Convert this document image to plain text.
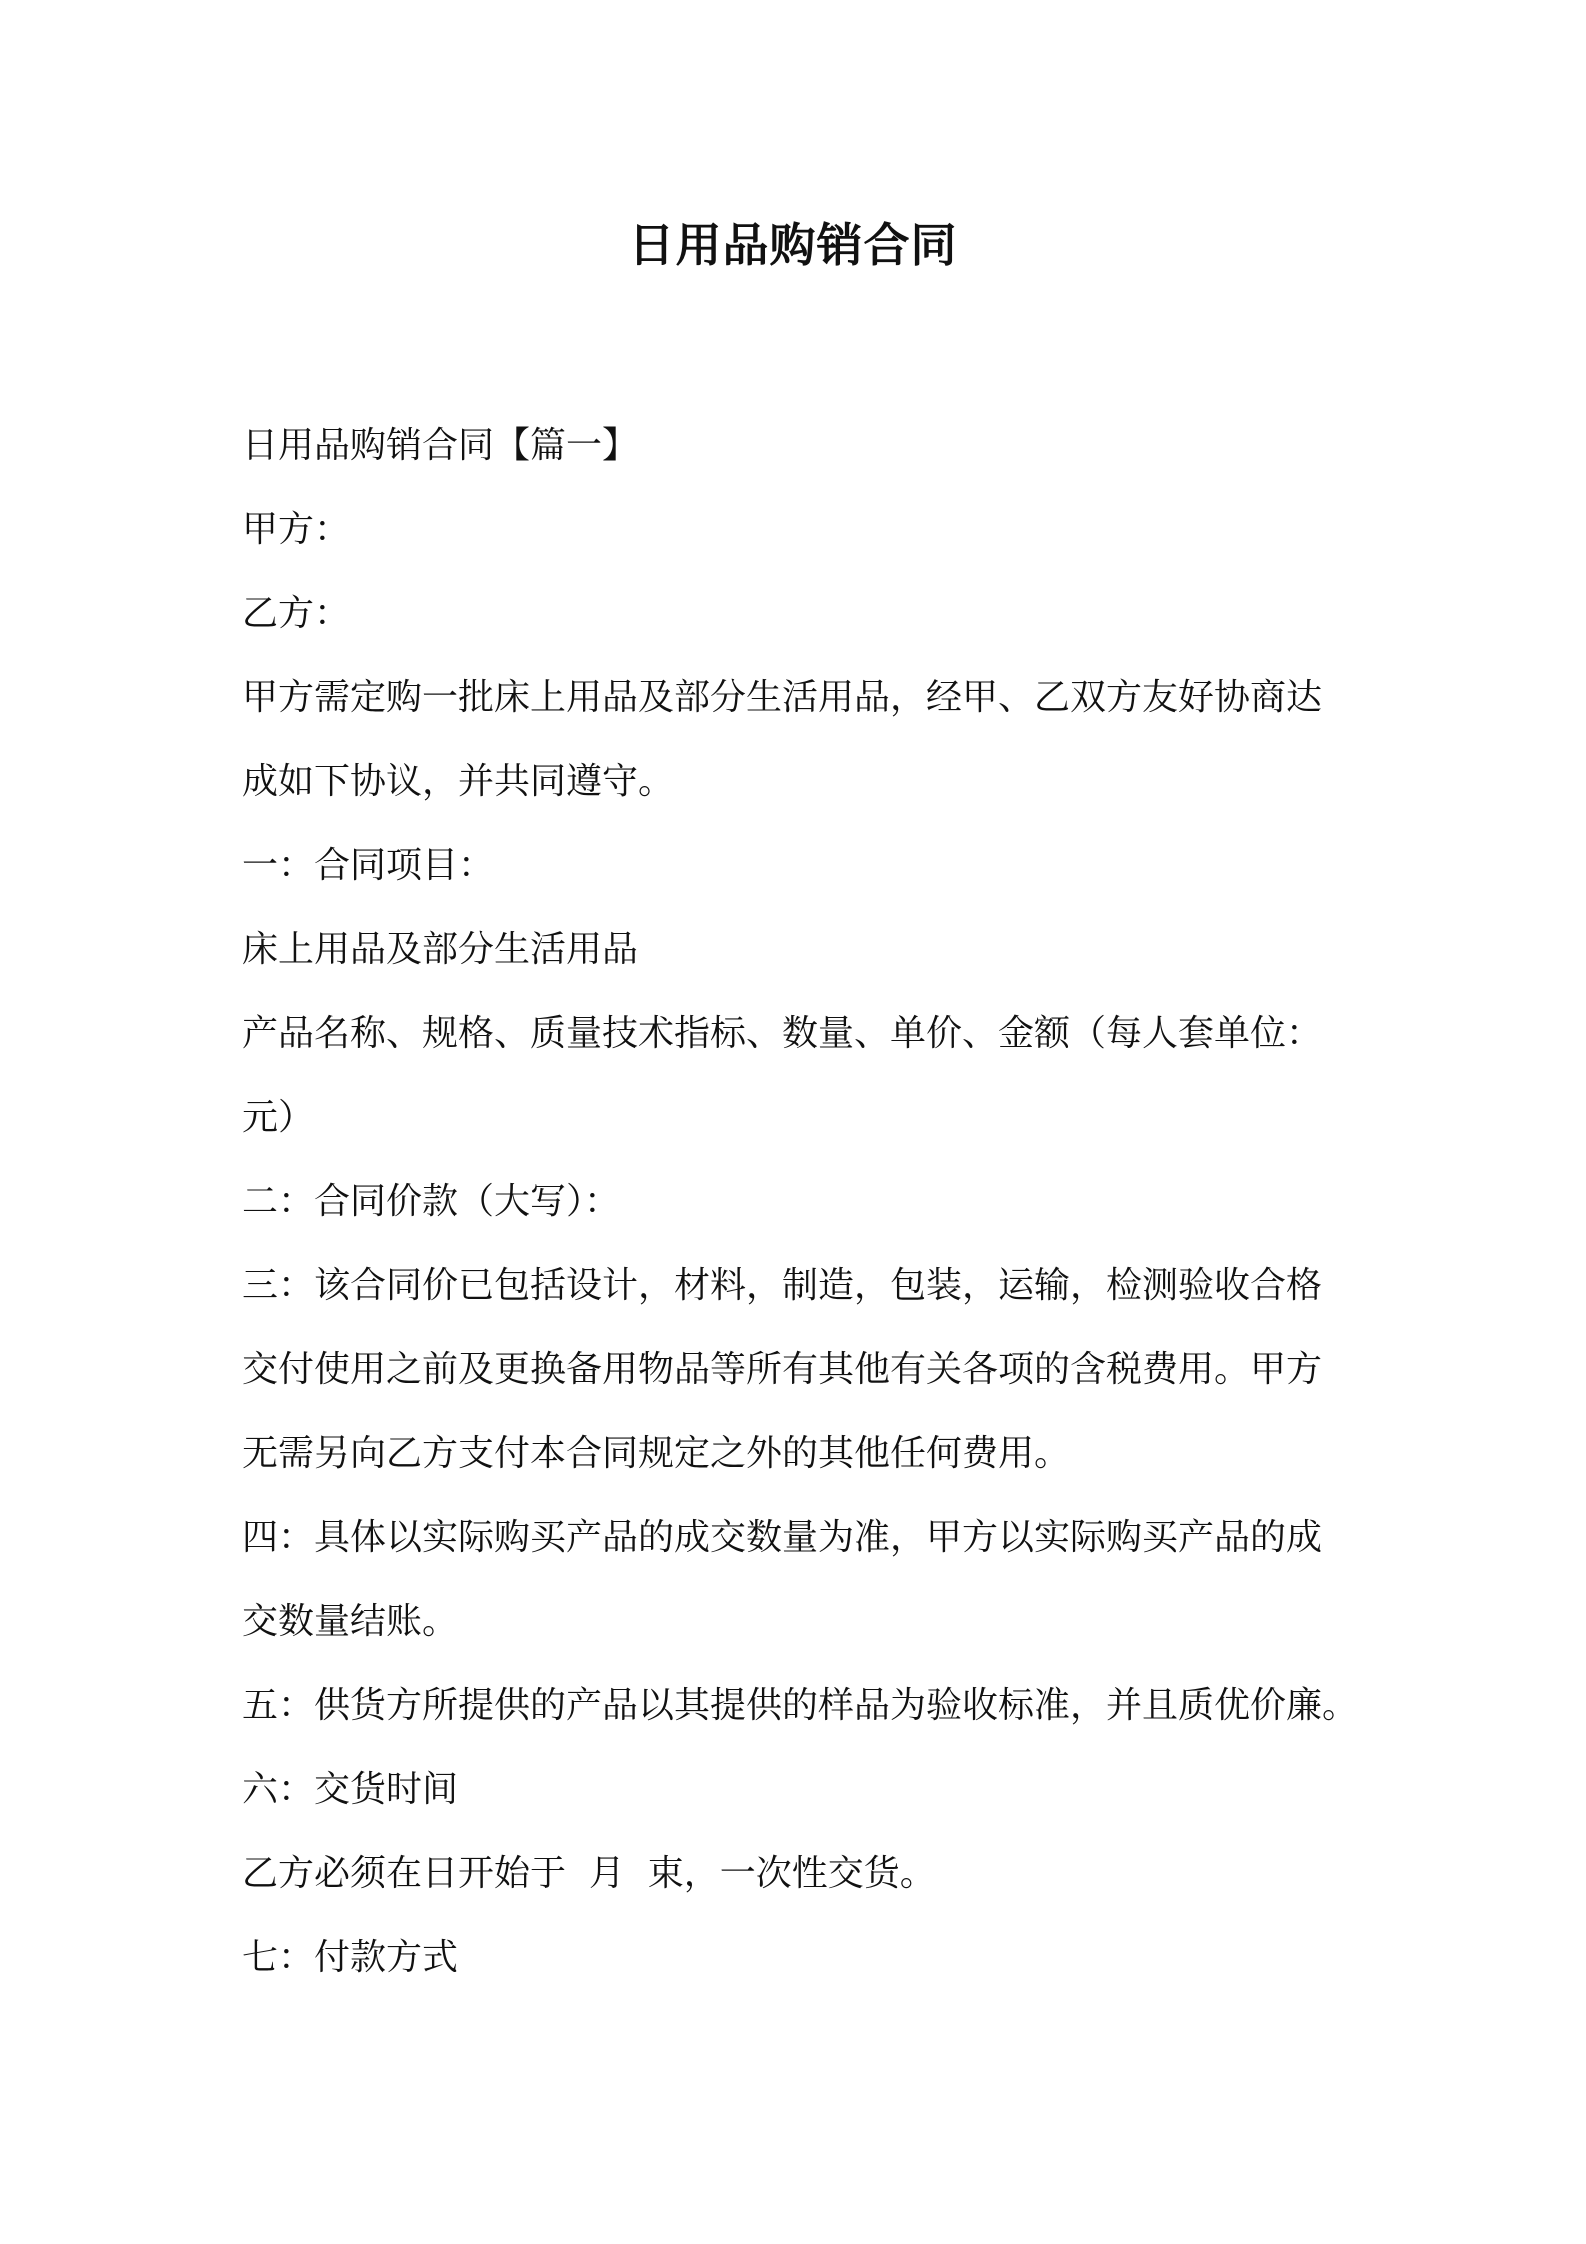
日用品购销合同

日用品购销合同【篇一】

甲方：

乙方：

甲方需定购一批床上用品及部分生活用品，经甲、乙双方友好协商达

成如下协议，并共同遵守。

一：合同项目：

床上用品及部分生活用品

产品名称、规格、质量技术指标、数量、单价、金额（每人套单位：

元）

二：合同价款（大写）：

三：该合同价已包括设计，材料，制造，包装，运输，检测验收合格

交付使用之前及更换备用物品等所有其他有关各项的含税费用。甲方

无需另向乙方支付本合同规定之外的其他任何费用。

四：具体以实际购买产品的成交数量为准，甲方以实际购买产品的成

交数量结账。

五：供货方所提供的产品以其提供的样品为验收标准，并且质优价廉。

六：交货时间

乙方必须在日开始于  月  束，一次性交货。

七：付款方式
